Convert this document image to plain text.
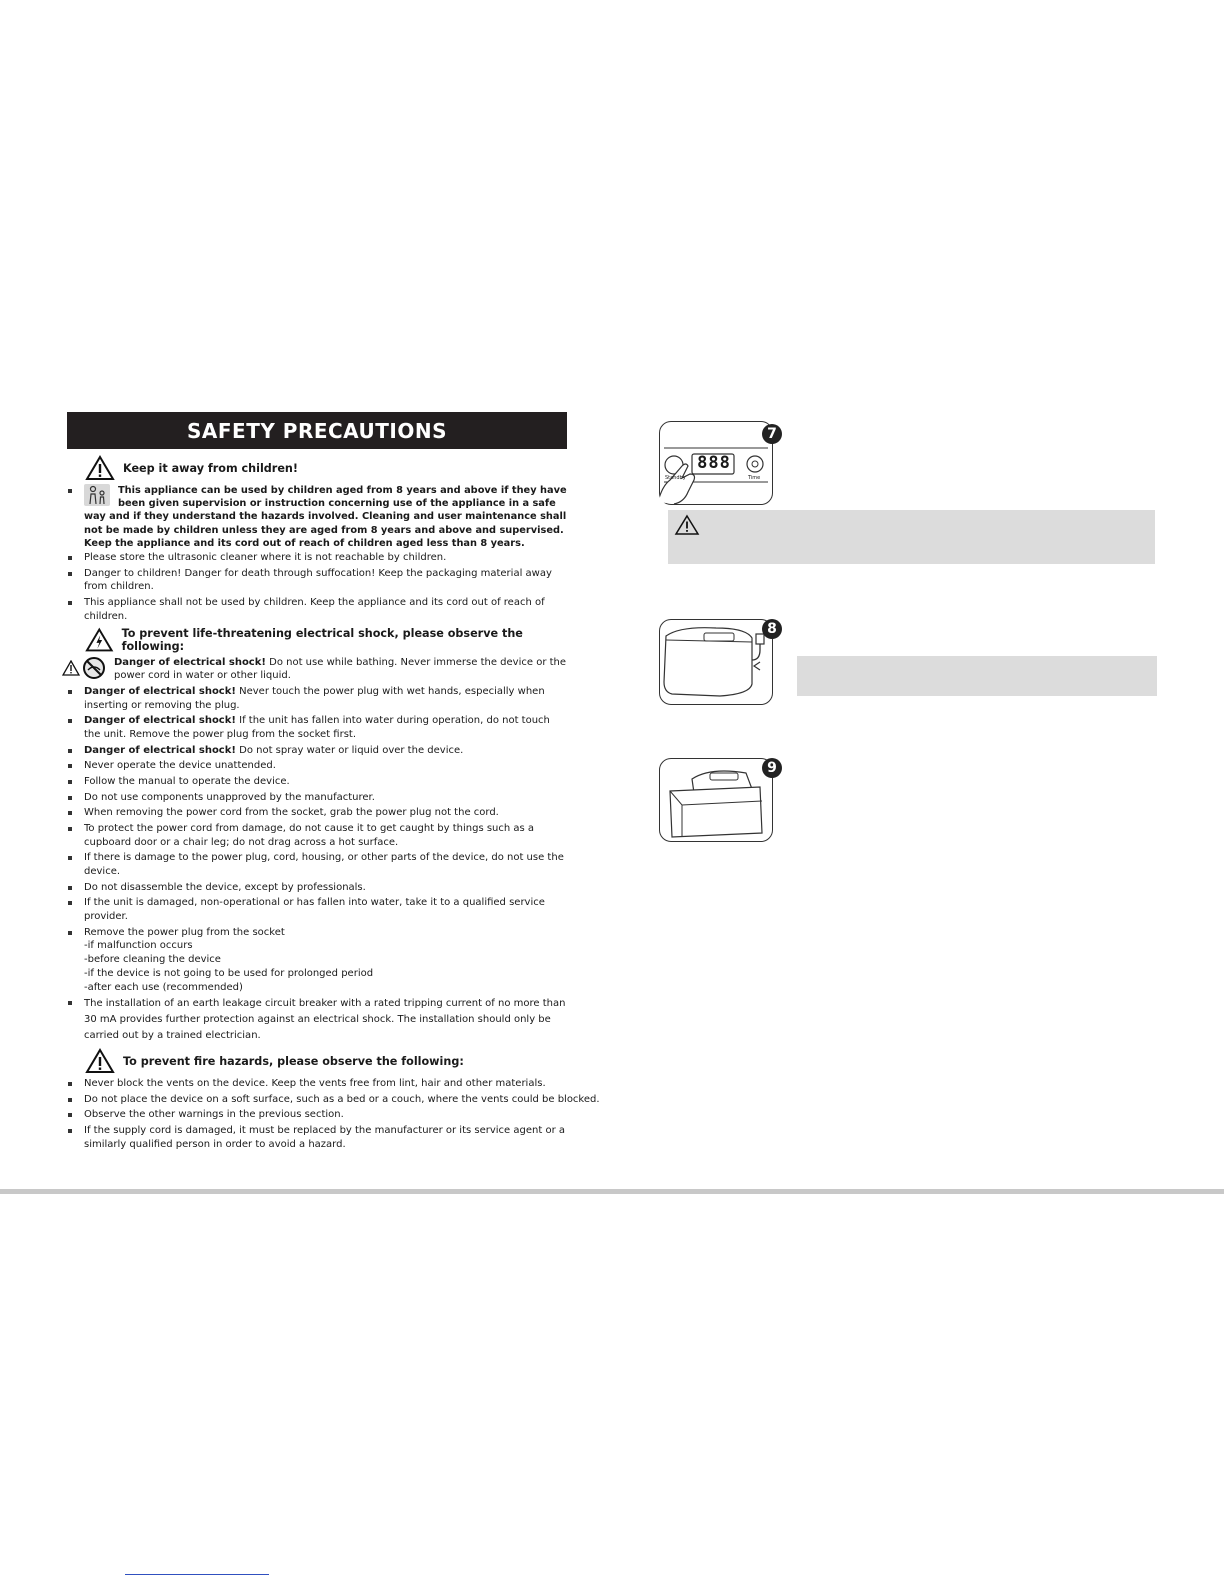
SAFETY PRECAUTIONS
Keep it away from children!
This appliance can be used by children aged from 8 years and above if they have been given supervision or instruction concerning use of the appliance in a safe way and if they understand the hazards involved. Cleaning and user maintenance shall not be made by children unless they are aged from 8 years and above and supervised. Keep the appliance and its cord out of reach of children aged less than 8 years.
Please store the ultrasonic cleaner where it is not reachable by children.
Danger to children! Danger for death through suffocation! Keep the packaging material away from children.
This appliance shall not be used by children. Keep the appliance and its cord out of reach of children.
To prevent life-threatening electrical shock, please observe the following:
Danger of electrical shock! Do not use while bathing. Never immerse the device or the power cord in water or other liquid.
Danger of electrical shock! Never touch the power plug with wet hands, especially when inserting or removing the plug.
Danger of electrical shock! If the unit has fallen into water during operation, do not touch the unit. Remove the power plug from the socket first.
Danger of electrical shock! Do not spray water or liquid over the device.
Never operate the device unattended.
Follow the manual to operate the device.
Do not use components unapproved by the manufacturer.
When removing the power cord from the socket, grab the power plug not the cord.
To protect the power cord from damage, do not cause it to get caught by things such as a cupboard door or a chair leg; do not drag across a hot surface.
If there is damage to the power plug, cord, housing, or other parts of the device, do not use the device.
Do not disassemble the device, except by professionals.
If the unit is damaged, non-operational or has fallen into water, take it to a qualified service provider.
Remove the power plug from the socket
-if malfunction occurs
-before cleaning the device
-if the device is not going to be used for prolonged period
-after each use (recommended)
The installation of an earth leakage circuit breaker with a rated tripping current of no more than 30 mA provides further protection against an electrical shock. The installation should only be carried out by a trained electrician.
To prevent fire hazards, please observe the following:
Never block the vents on the device. Keep the vents free from lint, hair and other materials.
Do not place the device on a soft surface, such as a bed or a couch, where the vents could be blocked.
Observe the other warnings in the previous section.
If the supply cord is damaged, it must be replaced by the manufacturer or its service agent or a similarly qualified person in order to avoid a hazard.
888
Standby	Time
7
8
9
